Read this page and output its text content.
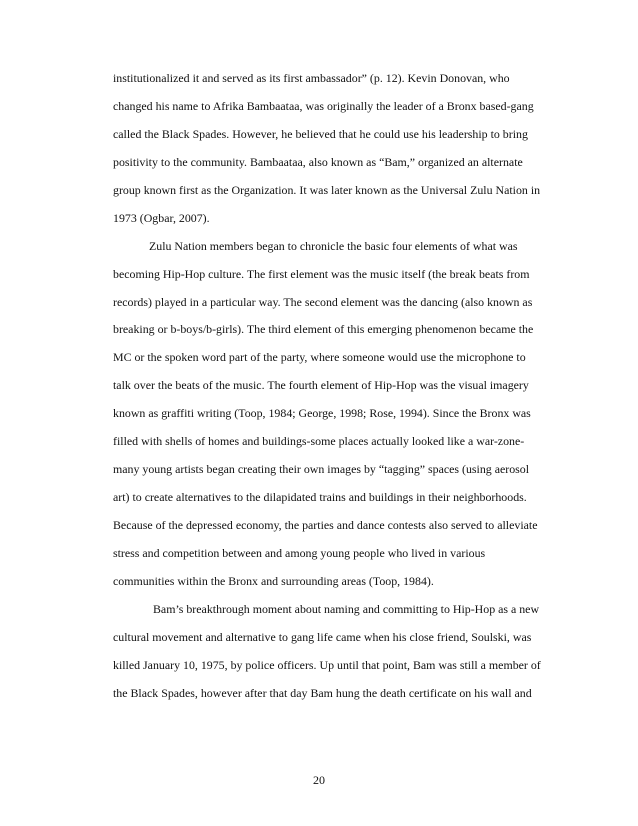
institutionalized it and served as its first ambassador” (p. 12). Kevin Donovan, who
changed his name to Afrika Bambaataa, was originally the leader of a Bronx based-gang
called the Black Spades. However, he believed that he could use his leadership to bring
positivity to the community. Bambaataa, also known as “Bam,” organized an alternate
group known first as the Organization. It was later known as the Universal Zulu Nation in
1973 (Ogbar, 2007).
Zulu Nation members began to chronicle the basic four elements of what was
becoming Hip-Hop culture. The first element was the music itself (the break beats from
records) played in a particular way. The second element was the dancing (also known as
breaking or b-boys/b-girls). The third element of this emerging phenomenon became the
MC or the spoken word part of the party, where someone would use the microphone to
talk over the beats of the music. The fourth element of Hip-Hop was the visual imagery
known as graffiti writing (Toop, 1984; George, 1998; Rose, 1994). Since the Bronx was
filled with shells of homes and buildings-some places actually looked like a war-zone-
many young artists began creating their own images by “tagging” spaces (using aerosol
art) to create alternatives to the dilapidated trains and buildings in their neighborhoods.
Because of the depressed economy, the parties and dance contests also served to alleviate
stress and competition between and among young people who lived in various
communities within the Bronx and surrounding areas (Toop, 1984).
Bam’s breakthrough moment about naming and committing to Hip-Hop as a new
cultural movement and alternative to gang life came when his close friend, Soulski, was
killed January 10, 1975, by police officers. Up until that point, Bam was still a member of
the Black Spades, however after that day Bam hung the death certificate on his wall and
20
